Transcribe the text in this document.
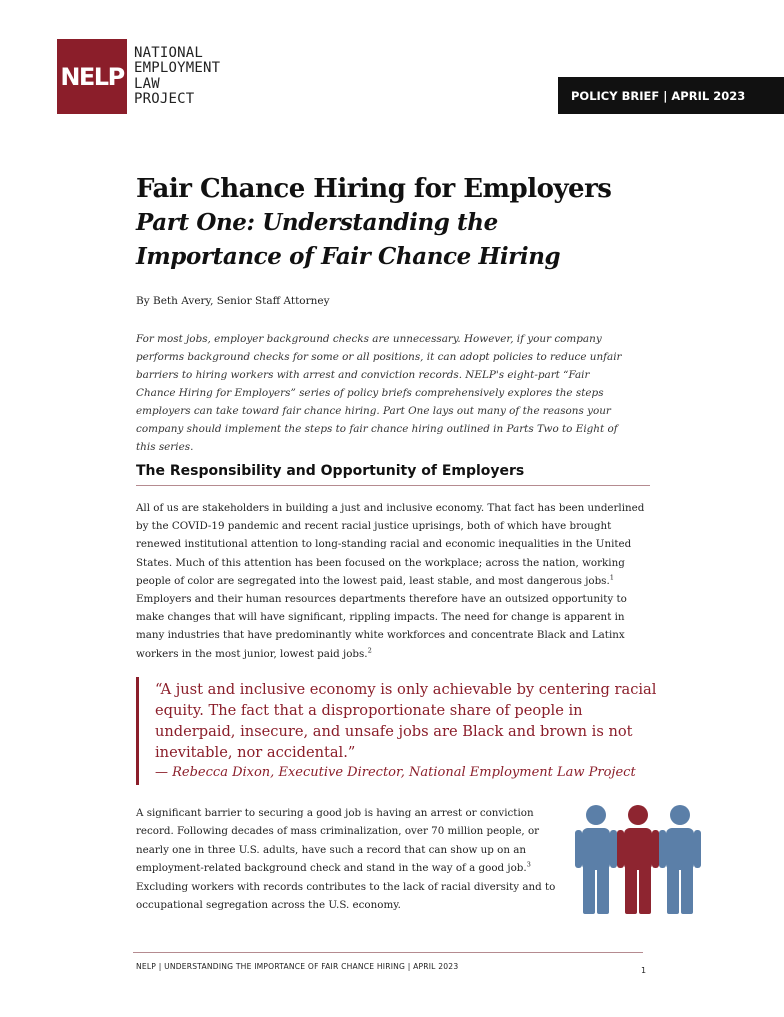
NELP
NATIONAL
EMPLOYMENT
LAW
PROJECT	POLICY BRIEF | APRIL 2023
Fair Chance Hiring for Employers
Part One: Understanding the
Importance of Fair Chance Hiring
By Beth Avery, Senior Staff Attorney

For most jobs, employer background checks are unnecessary. However, if your company performs background checks for some or all positions, it can adopt policies to reduce unfair barriers to hiring workers with arrest and conviction records. NELP's eight-part “Fair Chance Hiring for Employers” series of policy briefs comprehensively explores the steps employers can take toward fair chance hiring. Part One lays out many of the reasons your company should implement the steps to fair chance hiring outlined in Parts Two to Eight of this series.

The Responsibility and Opportunity of Employers

All of us are stakeholders in building a just and inclusive economy. That fact has been underlined by the COVID-19 pandemic and recent racial justice uprisings, both of which have brought renewed institutional attention to long-standing racial and economic inequalities in the United States. Much of this attention has been focused on the workplace; across the nation, working people of color are segregated into the lowest paid, least stable, and most dangerous jobs.$^1$ Employers and their human resources departments therefore have an outsized opportunity to make changes that will have significant, rippling impacts. The need for change is apparent in many industries that have predominantly white workforces and concentrate Black and Latinx workers in the most junior, lowest paid jobs.$^2$

“A just and inclusive economy is only achievable by centering racial equity. The fact that a disproportionate share of people in underpaid, insecure, and unsafe jobs are Black and brown is not inevitable, nor accidental.”

— Rebecca Dixon, Executive Director, National Employment Law Project

A significant barrier to securing a good job is having an arrest or conviction record. Following decades of mass criminalization, over 70 million people, or nearly one in three U.S. adults, have such a record that can show up on an employment-related background check and stand in the way of a good job.$^3$ Excluding workers with records contributes to the lack of racial diversity and to occupational segregation across the U.S. economy.

NELP | UNDERSTANDING THE IMPORTANCE OF FAIR CHANCE HIRING | APRIL 2023	1
